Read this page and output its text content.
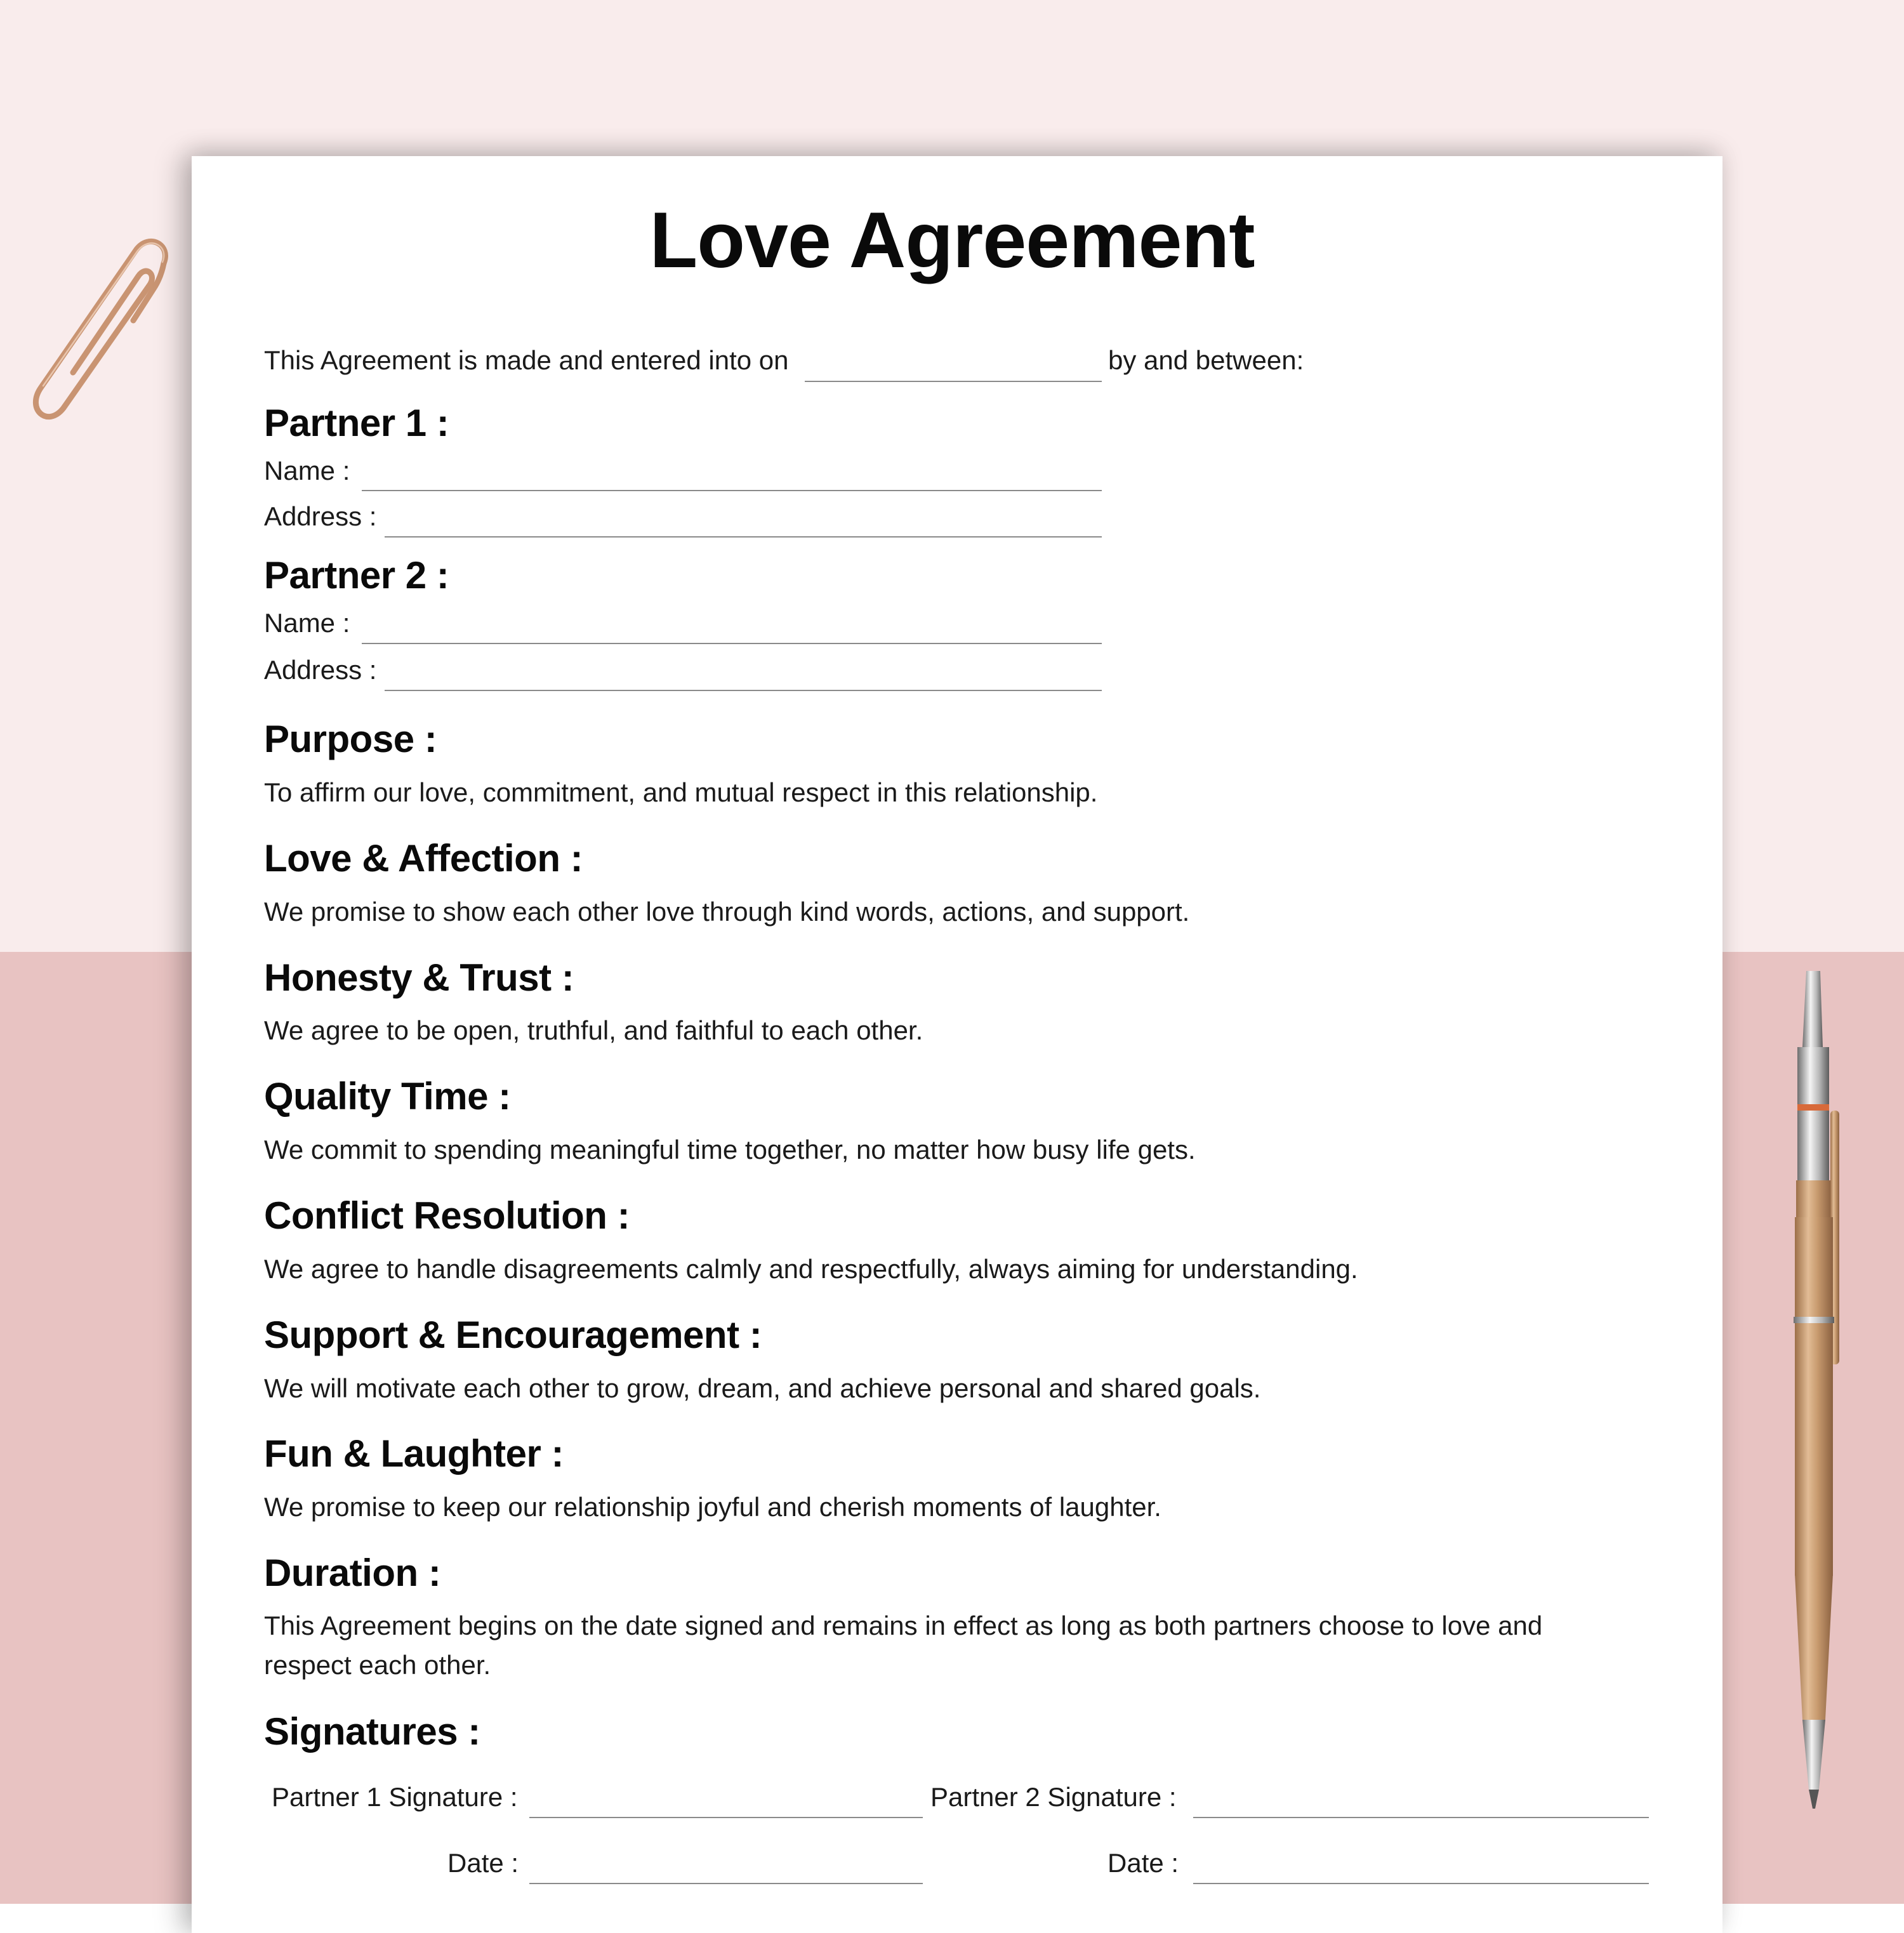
Love Agreement
This Agreement is made and entered into on	by and between:
Partner 1 :
Name :
Address :
Partner 2 :
Name :
Address :
Purpose :
To affirm our love, commitment, and mutual respect in this relationship.
Love & Affection :
We promise to show each other love through kind words, actions, and support.
Honesty & Trust :
We agree to be open, truthful, and faithful to each other.
Quality Time :
We commit to spending meaningful time together, no matter how busy life gets.
Conflict Resolution :
We agree to handle disagreements calmly and respectfully, always aiming for understanding.
Support & Encouragement :
We will motivate each other to grow, dream, and achieve personal and shared goals.
Fun & Laughter :
We promise to keep our relationship joyful and cherish moments of laughter.
Duration :
This Agreement begins on the date signed and remains in effect as long as both partners choose to love and
respect each other.
Signatures :
Partner 1 Signature :	Partner 2 Signature :
Date :	Date :
